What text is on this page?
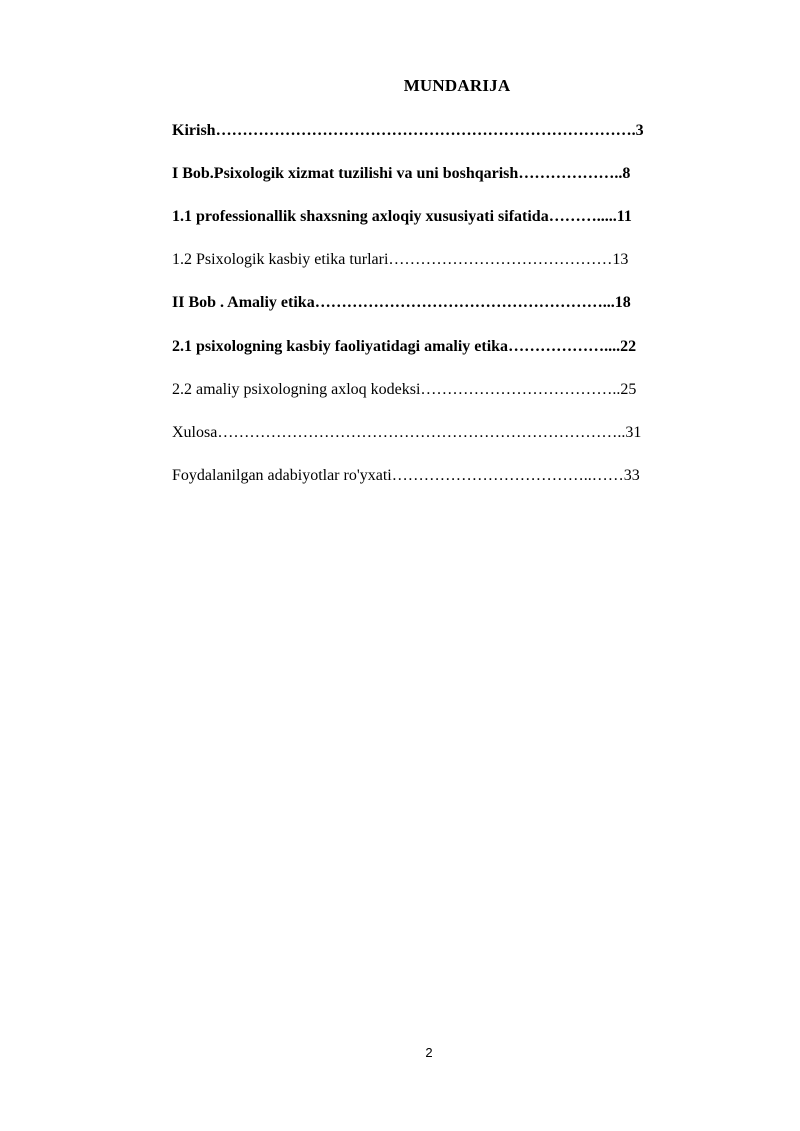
MUNDARIJA
Kirish …………………………………………………………………… .3
I Bob.Psixologik xizmat tuzilishi va uni boshqarish ……………….. 8
1.1 professionallik shaxsning axloqiy xususiyati sifatida ……… .....11
1.2 Psixologik kasbiy etika turlari …………………………………… 13
II Bob . Amaliy etika ……………………………………………… ...18
2.1 psixologning kasbiy faoliyatidagi amaliy etika ………………. ...22
2.2 amaliy psixologning axloq kodeksi ……………………………… ..25
Xulosa ………………………………………………………………… ..31
Foydalanilgan adabiyotlar ro'yxati ………………………………..…… 33
2
